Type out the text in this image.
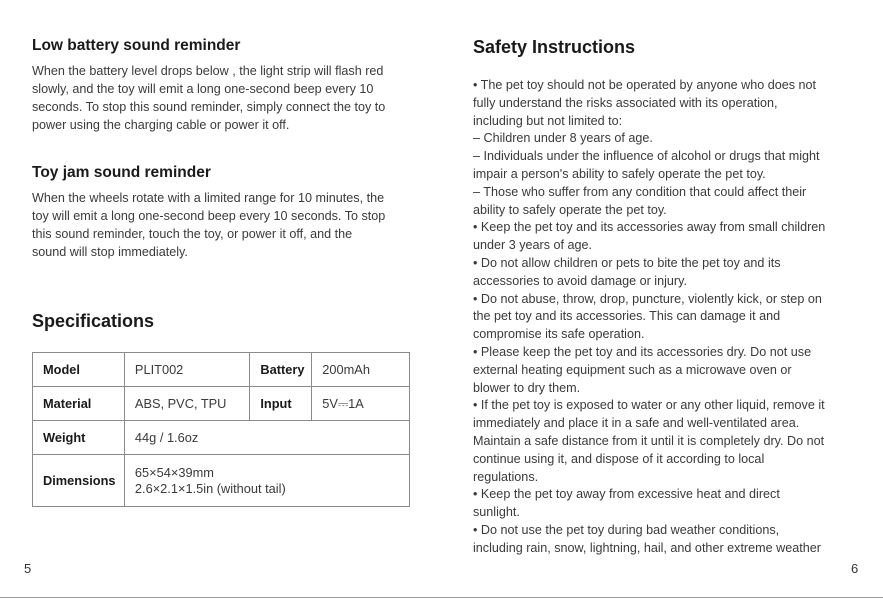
Low battery sound reminder

When the battery level drops below , the light strip will flash red
slowly, and the toy will emit a long one-second beep every 10
seconds. To stop this sound reminder, simply connect the toy to
power using the charging cable or power it off.

Toy jam sound reminder

When the wheels rotate with a limited range for 10 minutes, the
toy will emit a long one-second beep every 10 seconds. To stop
this sound reminder, touch the toy, or power it off, and the
sound will stop immediately.

Specifications
Model	PLIT002	Battery	200mAh
Material	ABS, PVC, TPU	Input	5V⎓1A
Weight	44g / 1.6oz		
Dimensions	65×54×39mm
2.6×2.1×1.5in (without tail)		
5
Safety Instructions
• The pet toy should not be operated by anyone who does not
fully understand the risks associated with its operation,
including but not limited to:
– Children under 8 years of age.
– Individuals under the influence of alcohol or drugs that might
impair a person's ability to safely operate the pet toy.
– Those who suffer from any condition that could affect their
ability to safely operate the pet toy.
• Keep the pet toy and its accessories away from small children
under 3 years of age.
• Do not allow children or pets to bite the pet toy and its
accessories to avoid damage or injury.
• Do not abuse, throw, drop, puncture, violently kick, or step on
the pet toy and its accessories. This can damage it and
compromise its safe operation.
• Please keep the pet toy and its accessories dry. Do not use
external heating equipment such as a microwave oven or
blower to dry them.
• If the pet toy is exposed to water or any other liquid, remove it
immediately and place it in a safe and well-ventilated area.
Maintain a safe distance from it until it is completely dry. Do not
continue using it, and dispose of it according to local
regulations.
• Keep the pet toy away from excessive heat and direct
sunlight.
• Do not use the pet toy during bad weather conditions,
including rain, snow, lightning, hail, and other extreme weather
6
